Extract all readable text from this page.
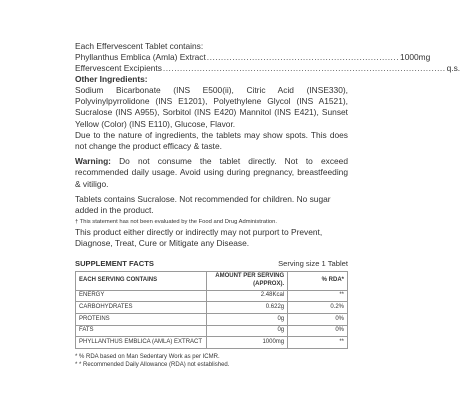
Each Effervescent Tablet contains:
Phyllanthus Emblica (Amla) Extract .................................................................... 1000mg
Effervescent Excipients .................................................................................................... q.s.
Other Ingredients:

Sodium Bicarbonate (INS E500(ii), Citric Acid (INSE330), Polyvinylpyrrolidone (INS E1201), Polyethylene Glycol (INS A1521), Sucralose (INS A955), Sorbitol (INS E420) Mannitol (INS E421), Sunset Yellow (Color) (INS E110), Glucose, Flavor.

Due to the nature of ingredients, the tablets may show spots. This does not change the product efficacy & taste.

Warning: Do not consume the tablet directly. Not to exceed recommended daily usage. Avoid using during pregnancy, breastfeeding & vitiligo.

Tablets contains Sucralose. Not recommended for children. No sugar added in the product.

† This statement has not been evaluated by the Food and Drug Administration.

This product either directly or indirectly may not purport to Prevent, Diagnose, Treat, Cure or Mitigate any Disease.

SUPPLEMENT FACTS	Serving size 1 Tablet
EACH SERVING CONTAINS	AMOUNT PER SERVING (APPROX).	% RDA*
ENERGY	2.48Kcal	**
CARBOHYDRATES	0.622g	0.2%
PROTEINS	0g	0%
FATS	0g	0%
PHYLLANTHUS EMBLICA (AMLA) EXTRACT	1000mg	**
* % RDA based on Man Sedentary Work as per ICMR.
* * Recommended Daily Allowance (RDA) not established.
